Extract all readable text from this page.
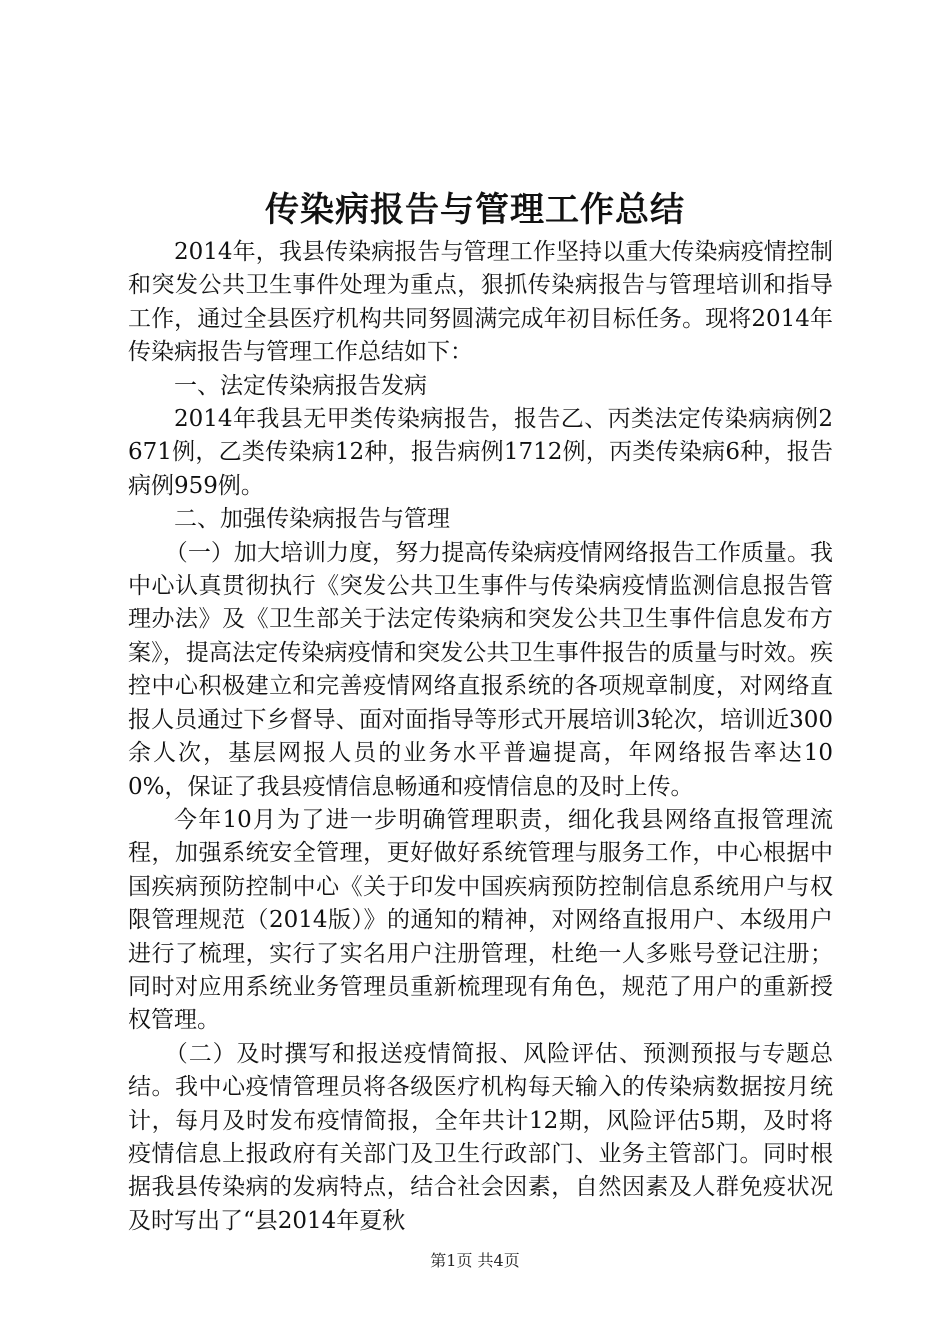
传染病报告与管理工作总结

2014年，我县传染病报告与管理工作坚持以重大传染病疫情控制和突发公共卫生事件处理为重点，狠抓传染病报告与管理培训和指导工作，通过全县医疗机构共同努圆满完成年初目标任务。现将2014年传染病报告与管理工作总结如下：

一、法定传染病报告发病

2014年我县无甲类传染病报告，报告乙、丙类法定传染病病例2671例，乙类传染病12种，报告病例1712例，丙类传染病6种，报告病例959例。

二、加强传染病报告与管理

（一）加大培训力度，努力提高传染病疫情网络报告工作质量。我中心认真贯彻执行《突发公共卫生事件与传染病疫情监测信息报告管理办法》及《卫生部关于法定传染病和突发公共卫生事件信息发布方案》，提高法定传染病疫情和突发公共卫生事件报告的质量与时效。疾控中心积极建立和完善疫情网络直报系统的各项规章制度，对网络直报人员通过下乡督导、面对面指导等形式开展培训3轮次，培训近300余人次，基层网报人员的业务水平普遍提高，年网络报告率达100%，保证了我县疫情信息畅通和疫情信息的及时上传。

今年10月为了进一步明确管理职责，细化我县网络直报管理流程，加强系统安全管理，更好做好系统管理与服务工作，中心根据中国疾病预防控制中心《关于印发中国疾病预防控制信息系统用户与权限管理规范（2014版）》的通知的精神，对网络直报用户、本级用户进行了梳理，实行了实名用户注册管理，杜绝一人多账号登记注册；同时对应用系统业务管理员重新梳理现有角色，规范了用户的重新授权管理。

（二）及时撰写和报送疫情简报、风险评估、预测预报与专题总结。我中心疫情管理员将各级医疗机构每天输入的传染病数据按月统计，每月及时发布疫情简报，全年共计12期，风险评估5期，及时将疫情信息上报政府有关部门及卫生行政部门、业务主管部门。同时根据我县传染病的发病特点，结合社会因素，自然因素及人群免疫状况及时写出了“县2014年夏秋

第1页 共4页
